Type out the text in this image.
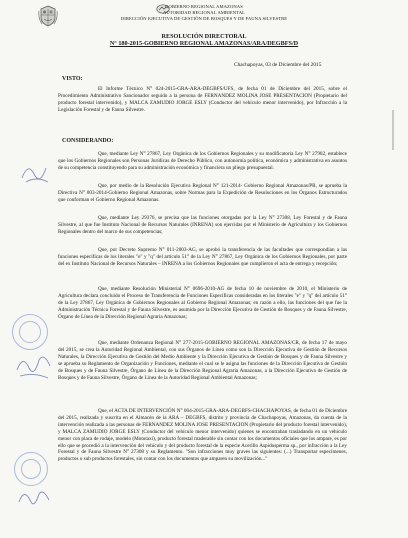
GOBIERNO REGIONAL AMAZONAS
AUTORIDAD REGIONAL AMBIENTAL
DIRECCIÓN EJECUTIVA DE GESTIÓN DE BOSQUES Y DE FAUNA SILVESTRE
RESOLUCIÓN DIRECTORAL
N° 180-2015-GOBIERNO REGIONAL AMAZONAS/ARA/DEGBFS/D
Chachapoyas, 03 de Diciembre del 2015
VISTO:
El Informe Técnico N° 024-2015-GRA-ARA-DEGBFS/UFS, de fecha 01 de Diciembre del 2015, sobre el Procedimiento Administrativo Sancionador seguido a la persona de FERNANDEZ MOLINA JOSE PRESENTACION (Propietario del producto forestal intervenido), y MALCA ZAMUDIO JORGE ESLY (Conductor del vehículo menor intervenido), por Infracción a la Legislación Forestal y de Fauna Silvestre.
CONSIDERANDO:
Que, mediante Ley N° 27867, Ley Orgánica de los Gobiernos Regionales y su modificatoria Ley N° 27902, establece que los Gobiernos Regionales son Personas Jurídicas de Derecho Público, con autonomía política, económica y administrativa en asuntos de su competencia constituyendo para su administración económica y financiera un pliego presupuestal.
Que, por medio de la Resolución Ejecutiva Regional N° 121-2014- Gobierno Regional Amazonas/PR, se aprueba la Directiva N° 003-2014-Gobierno Regional Amazonas, sobre Normas para la Expedición de Resoluciones en los Órganos Estructurados que conforman el Gobierno Regional Amazonas.
Que, mediante Ley 29376, se precisa que las funciones otorgadas por la Ley N° 27308, Ley Forestal y de Fauna Silvestre, al que fue Instituto Nacional de Recursos Naturales (INRENA) son ejercidas por el Ministerio de Agricultura y los Gobiernos Regionales dentro del marco de sus competencias;
Que, por Decreto Supremo N° 011-2003-AG, se aprobó la transferencia de las facultades que correspondían a las funciones específicas de los literales "e" y "q" del artículo 51° de la Ley N° 27867, Ley Orgánica de los Gobiernos Regionales, por parte del ex Instituto Nacional de Recursos Naturales – INRENA a los Gobiernos Regionales que cumplieron el acta de entrega y recepción;
Que, mediante Resolución Ministerial N° 0696-2010-AG de fecha 10 de noviembre de 2010, el Ministerio de Agricultura declara concluido el Proceso de Transferencia de Funciones Específicas consideradas en los literales "e" y "q" del artículo 51° de la Ley 27867, Ley Orgánica de Gobiernos Regionales al Gobierno Regional Amazonas; en razón a ello, las funciones del que fue la Administración Técnica Forestal y de Fauna Silvestre, es asumida por la Dirección Ejecutiva de Gestión de Bosques y de Fauna Silvestre, Órgano de Línea de la Dirección Regional Agraria Amazonas;
Que, mediante Ordenanza Regional N° 277-2015-GOBIERNO REGIONAL AMAZONAS/CR, de fecha 17 de mayo del 2015, se crea la Autoridad Regional Ambiental, con sus Órganos de Línea como son la Dirección Ejecutiva de Gestión de Recursos Naturales, la Dirección Ejecutiva de Gestión del Medio Ambiente y la Dirección Ejecutiva de Gestión de Bosques y de Fauna Silvestre y se aprueba su Reglamento de Organización y Funciones, mediante el cual se le asigna las funciones de la Dirección Ejecutiva de Gestión de Bosques y de Fauna Silvestre, Órgano de Línea de la Dirección Regional Agraria Amazonas, a la Dirección Ejecutiva de Gestión de Bosques y de Fauna Silvestre, Órgano de Línea de la Autoridad Regional Ambiental Amazonas;
Que, el ACTA DE INTERVENCIÓN N° 004-2015-GRA-ARA-DEGBFS-CHACHAPOYAS, de fecha 01 de Diciembre del 2015, realizada y suscrita en el Almacén de la ARA – DEGBFS, distrito y provincia de Chachapoyas, Amazonas, da cuenta de la intervención realizada a las personas de FERNANDEZ MOLINA JOSE PRESENTACION (Propietario del producto forestal intervenido), y MALCA ZAMUDIO JORGE ESLY (Conductor del vehículo menor intervenido) quienes se encontraban trasladando en un vehículo menor con placa de rodaje, modelo (Mototaxi), producto forestal maderable sin contar con los documentos oficiales que los ampare, es por ello que se procedió a la intervención del vehículo y del producto forestal de la especie Acerillo Aspidosperma sp., por infracción a la Ley Forestal y de Fauna Silvestre N° 27308 y su Reglamento. "Son infracciones muy graves las siguientes: (...) Transportar especímenes, productos o sub productos forestales, sin contar con los documentos que amparen su movilización..."
